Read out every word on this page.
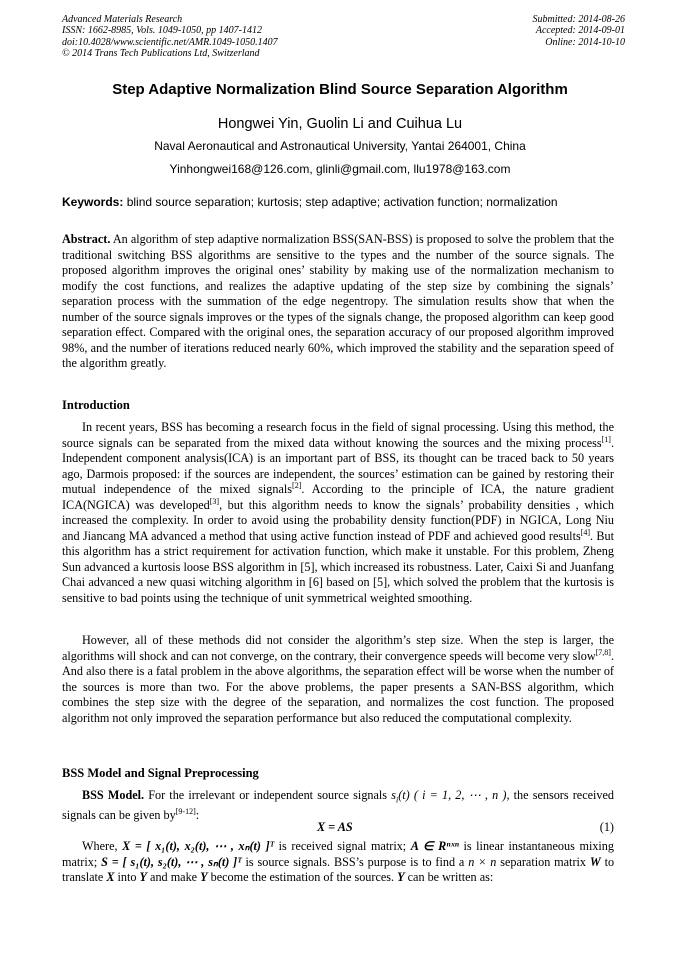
Advanced Materials Research
ISSN: 1662-8985, Vols. 1049-1050, pp 1407-1412
doi:10.4028/www.scientific.net/AMR.1049-1050.1407
© 2014 Trans Tech Publications Ltd, Switzerland
Submitted: 2014-08-26
Accepted: 2014-09-01
Online: 2014-10-10
Step Adaptive Normalization Blind Source Separation Algorithm
Hongwei Yin, Guolin Li and Cuihua Lu
Naval Aeronautical and Astronautical University, Yantai 264001, China
Yinhongwei168@126.com, glinli@gmail.com, llu1978@163.com
Keywords: blind source separation; kurtosis; step adaptive; activation function; normalization
Abstract. An algorithm of step adaptive normalization BSS(SAN-BSS) is proposed to solve the problem that the traditional switching BSS algorithms are sensitive to the types and the number of the source signals. The proposed algorithm improves the original ones’ stability by making use of the normalization mechanism to modify the cost functions, and realizes the adaptive updating of the step size by combining the signals’ separation process with the summation of the edge negentropy. The simulation results show that when the number of the source signals improves or the types of the signals change, the proposed algorithm can keep good separation effect. Compared with the original ones, the separation accuracy of our proposed algorithm improved 98%, and the number of iterations reduced nearly 60%, which improved the stability and the separation speed of the algorithm greatly.
Introduction
In recent years, BSS has becoming a research focus in the field of signal processing. Using this method, the source signals can be separated from the mixed data without knowing the sources and the mixing process[1]. Independent component analysis(ICA) is an important part of BSS, its thought can be traced back to 50 years ago, Darmois proposed: if the sources are independent, the sources’ estimation can be gained by restoring their mutual independence of the mixed signals[2]. According to the principle of ICA, the nature gradient ICA(NGICA) was developed[3], but this algorithm needs to know the signals’ probability densities , which increased the complexity. In order to avoid using the probability density function(PDF) in NGICA, Long Niu and Jiancang MA advanced a method that using active function instead of PDF and achieved good results[4]. But this algorithm has a strict requirement for activation function, which make it unstable. For this problem, Zheng Sun advanced a kurtosis loose BSS algorithm in [5], which increased its robustness. Later, Caixi Si and Juanfang Chai advanced a new quasi witching algorithm in [6] based on [5], which solved the problem that the kurtosis is sensitive to bad points using the technique of unit symmetrical weighted smoothing.
However, all of these methods did not consider the algorithm’s step size. When the step is larger, the algorithms will shock and can not converge, on the contrary, their convergence speeds will become very slow[7,8]. And also there is a fatal problem in the above algorithms, the separation effect will be worse when the number of the sources is more than two. For the above problems, the paper presents a SAN-BSS algorithm, which combines the step size with the degree of the separation, and normalizes the cost function. The proposed algorithm not only improved the separation performance but also reduced the computational complexity.
BSS Model and Signal Preprocessing
BSS Model. For the irrelevant or independent source signals $s_i(t)$ ( i = 1, 2, ⋯ , n ), the sensors received signals can be given by[9-12]:
X = AS	(1)
Where, X = [ x₁(t), x₂(t), ⋯ , xₙ(t) ]ᵀ is received signal matrix; A ∈ Rⁿˣⁿ is linear instantaneous mixing matrix; S = [ s₁(t), s₂(t), ⋯ , sₙ(t) ]ᵀ is source signals. BSS’s purpose is to find a n × n separation matrix W to translate X into Y and make Y become the estimation of the sources. Y can be written as:
